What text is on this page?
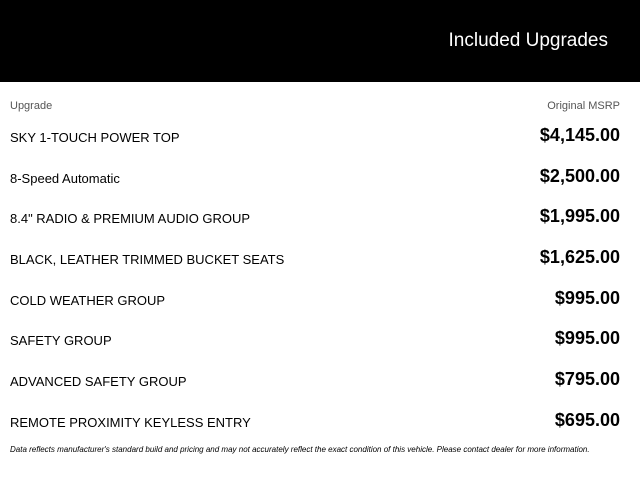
Included Upgrades
Upgrade	Original MSRP
SKY 1-TOUCH POWER TOP	$4,145.00
8-Speed Automatic	$2,500.00
8.4" RADIO & PREMIUM AUDIO GROUP	$1,995.00
BLACK, LEATHER TRIMMED BUCKET SEATS	$1,625.00
COLD WEATHER GROUP	$995.00
SAFETY GROUP	$995.00
ADVANCED SAFETY GROUP	$795.00
REMOTE PROXIMITY KEYLESS ENTRY	$695.00
Data reflects manufacturer's standard build and pricing and may not accurately reflect the exact condition of this vehicle. Please contact dealer for more information.
